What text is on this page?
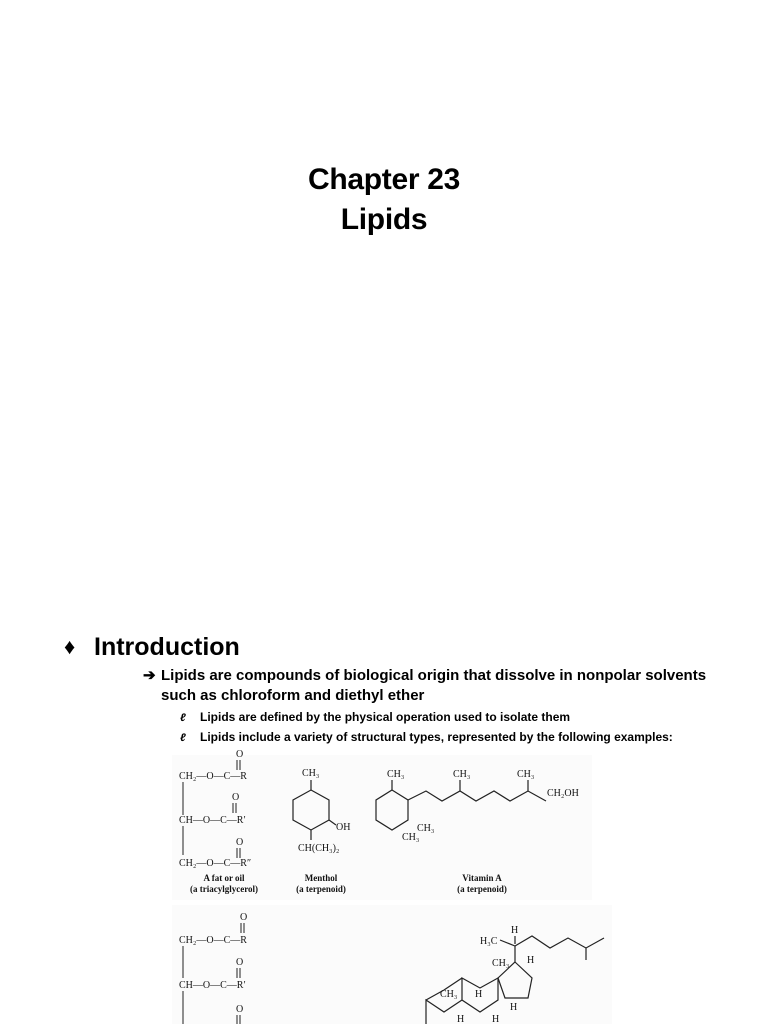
Chapter 23
Lipids
♦ Introduction
➔ Lipids are compounds of biological origin that dissolve in nonpolar solvents such as chloroform and diethyl ether
ℓ Lipids are defined by the physical operation used to isolate them
ℓ Lipids include a variety of structural types, represented by the following examples:
O
CH₂—O—C—R
O
CH—O—C—R′
O
CH₂—O—C—R″
A fat or oil
(a triacylglycerol)
CH₃
OH
CH(CH₃)₂
Menthol
(a terpenoid)
CH₃	CH₃	CH₃
CH₂OH
CH₃
CH₃
Vitamin A
(a terpenoid)
O
CH₂—O—C—R
O
CH—O—C—R′
O
H₃C
H
CH₃ H
CH₃ H
H
H	H
